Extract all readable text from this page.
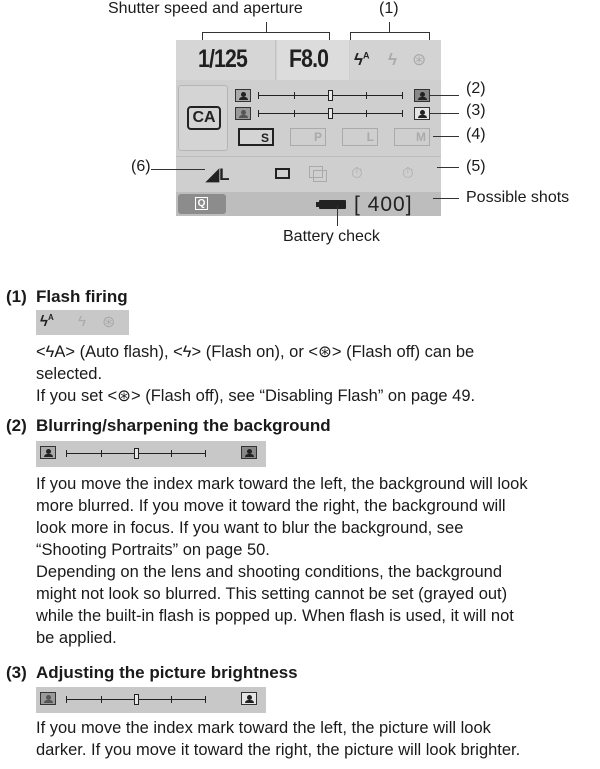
Shutter speed and aperture	(1)
1/125 F8.0 $ϟ^A$ ϟ ⊛
CA
S	P	L	M
◢L	⏱	⏱
Q	[ 400]
(2)
(3)
(4)
(5)
(6)
Possible shots
Battery check
(1) Flash firing
$ϟ^A$ ϟ ⊛
<ϟA> (Auto flash), <ϟ> (Flash on), or <⊛> (Flash off) can be
selected.
If you set <⊛> (Flash off), see “Disabling Flash” on page 49.
(2) Blurring/sharpening the background
If you move the index mark toward the left, the background will look
more blurred. If you move it toward the right, the background will
look more in focus. If you want to blur the background, see
“Shooting Portraits” on page 50.
Depending on the lens and shooting conditions, the background
might not look so blurred. This setting cannot be set (grayed out)
while the built-in flash is popped up. When flash is used, it will not
be applied.
(3) Adjusting the picture brightness
If you move the index mark toward the left, the picture will look
darker. If you move it toward the right, the picture will look brighter.
